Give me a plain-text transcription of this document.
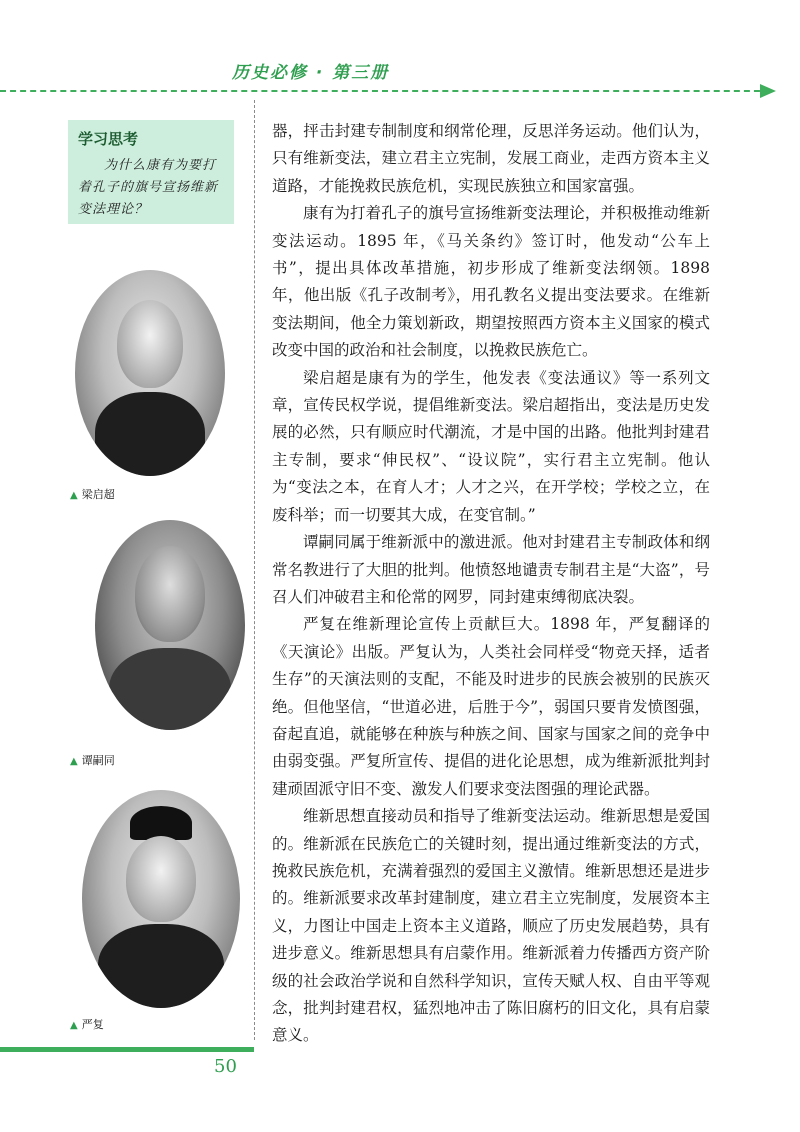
历史必修 · 第三册
学习思考
为什么康有为要打着孔子的旗号宣扬维新变法理论？
▲ 梁启超
▲ 谭嗣同
▲ 严复

器，抨击封建专制制度和纲常伦理，反思洋务运动。他们认为，只有维新变法，建立君主立宪制，发展工商业，走西方资本主义道路，才能挽救民族危机，实现民族独立和国家富强。

康有为打着孔子的旗号宣扬维新变法理论，并积极推动维新变法运动。1895 年，《马关条约》签订时，他发动“公车上书”，提出具体改革措施，初步形成了维新变法纲领。1898 年，他出版《孔子改制考》，用孔教名义提出变法要求。在维新变法期间，他全力策划新政，期望按照西方资本主义国家的模式改变中国的政治和社会制度，以挽救民族危亡。

梁启超是康有为的学生，他发表《变法通议》等一系列文章，宣传民权学说，提倡维新变法。梁启超指出，变法是历史发展的必然，只有顺应时代潮流，才是中国的出路。他批判封建君主专制，要求“伸民权”、“设议院”，实行君主立宪制。他认为“变法之本，在育人才；人才之兴，在开学校；学校之立，在废科举；而一切要其大成，在变官制。”

谭嗣同属于维新派中的激进派。他对封建君主专制政体和纲常名教进行了大胆的批判。他愤怒地谴责专制君主是“大盗”，号召人们冲破君主和伦常的网罗，同封建束缚彻底决裂。

严复在维新理论宣传上贡献巨大。1898 年，严复翻译的《天演论》出版。严复认为，人类社会同样受“物竞天择，适者生存”的天演法则的支配，不能及时进步的民族会被别的民族灭绝。但他坚信，“世道必进，后胜于今”，弱国只要肯发愤图强，奋起直追，就能够在种族与种族之间、国家与国家之间的竞争中由弱变强。严复所宣传、提倡的进化论思想，成为维新派批判封建顽固派守旧不变、激发人们要求变法图强的理论武器。

维新思想直接动员和指导了维新变法运动。维新思想是爱国的。维新派在民族危亡的关键时刻，提出通过维新变法的方式，挽救民族危机，充满着强烈的爱国主义激情。维新思想还是进步的。维新派要求改革封建制度，建立君主立宪制度，发展资本主义，力图让中国走上资本主义道路，顺应了历史发展趋势，具有进步意义。维新思想具有启蒙作用。维新派着力传播西方资产阶级的社会政治学说和自然科学知识，宣传天赋人权、自由平等观念，批判封建君权，猛烈地冲击了陈旧腐朽的旧文化，具有启蒙意义。

50
